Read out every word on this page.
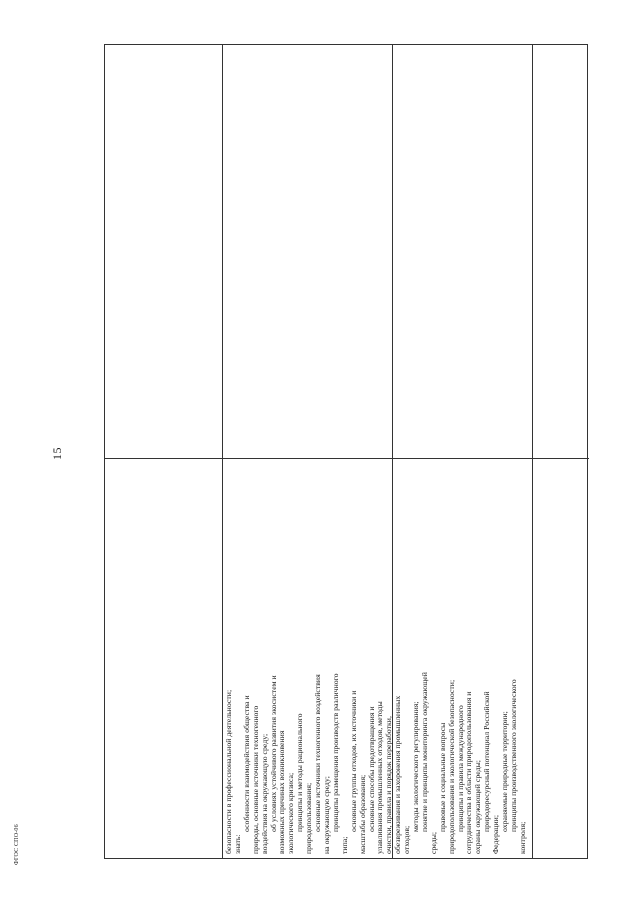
15
ФГОС СПО-06	безопасности в профессиональной деятельности; знать:
особенности взаимодействия общества и природы, основные источники техногенного воздействия на окружающую среду; об условиях устойчивого развития экосистем и возможных причинах возникновения экологического кризиса; принципы и методы рационального природопользования; основные источники техногенного воздействия на окружающую среду; принципы размещения производств различного
типа;
основные группы отходов, их источники и масштабы образования; основные способы предотвращения и улавливания промышленных отходов, методы очистки, правила и порядок переработки, обезвреживания и захоронения промышленных отходов;
методы экологического регулирования; понятие и принципы мониторинга окружающей
среды;
правовые и социальные вопросы природопользования и экологической безопасности; принципы и правила международного сотрудничества в области природопользования и охраны окружающей среды; природоресурсный потенциал Российской
Федерации;
охраняемые природные территории; принципы производственного экологического
контроля;
